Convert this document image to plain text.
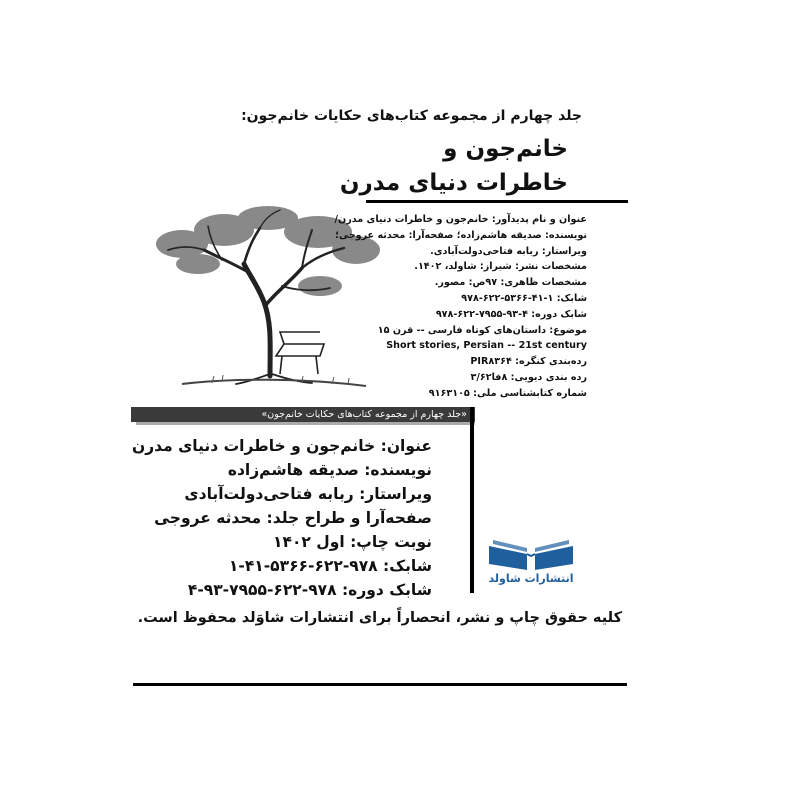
جلد چهارم از مجموعه کتاب‌های حکایات خانم‌جون:
خانم‌جون و
خاطرات دنیای مدرن
عنوان و نام پدیدآور: خانم‌جون و خاطرات دنیای مدرن/
نویسنده: صدیقه هاشم‌زاده؛ صفحه‌آرا: محدثه عروجی؛
ویراستار: ربابه فتاحی‌دولت‌آبادی.
مشخصات نشر: شیراز: شاولد، ۱۴۰۲.
مشخصات ظاهری: ۹۷ص: مصور.
شابک: ۱-۴۱-۵۳۶۶-۶۲۲-۹۷۸
شابک دوره: ۴-۹۳-۷۹۵۵-۶۲۲-۹۷۸
موضوع: داستان‌های کوتاه فارسی -- قرن ۱۵
Short stories, Persian -- 21st century
رده‌بندی کنگره: PIR۸۳۶۴
رده بندی دیویی: ۸فا۳/۶۲
شماره کتابشناسی ملی: ۹۱۶۳۱۰۵
«جلد چهارم از مجموعه کتاب‌های حکایات خانم‌جون»
عنوان: خانم‌جون و خاطرات دنیای مدرن
نویسنده: صدیقه هاشم‌زاده
ویراستار: ربابه فتاحی‌دولت‌آبادی
صفحه‌آرا و طراح جلد: محدثه عروجی
نوبت چاپ: اول ۱۴۰۲
شابک: ۱-۴۱-۵۳۶۶-۶۲۲-۹۷۸
شابک دوره: ۴-۹۳-۷۹۵۵-۶۲۲-۹۷۸
انتشارات شاولد
کلیه حقوق چاپ و نشر، انحصاراً برای انتشارات شاوَلد محفوظ است.
